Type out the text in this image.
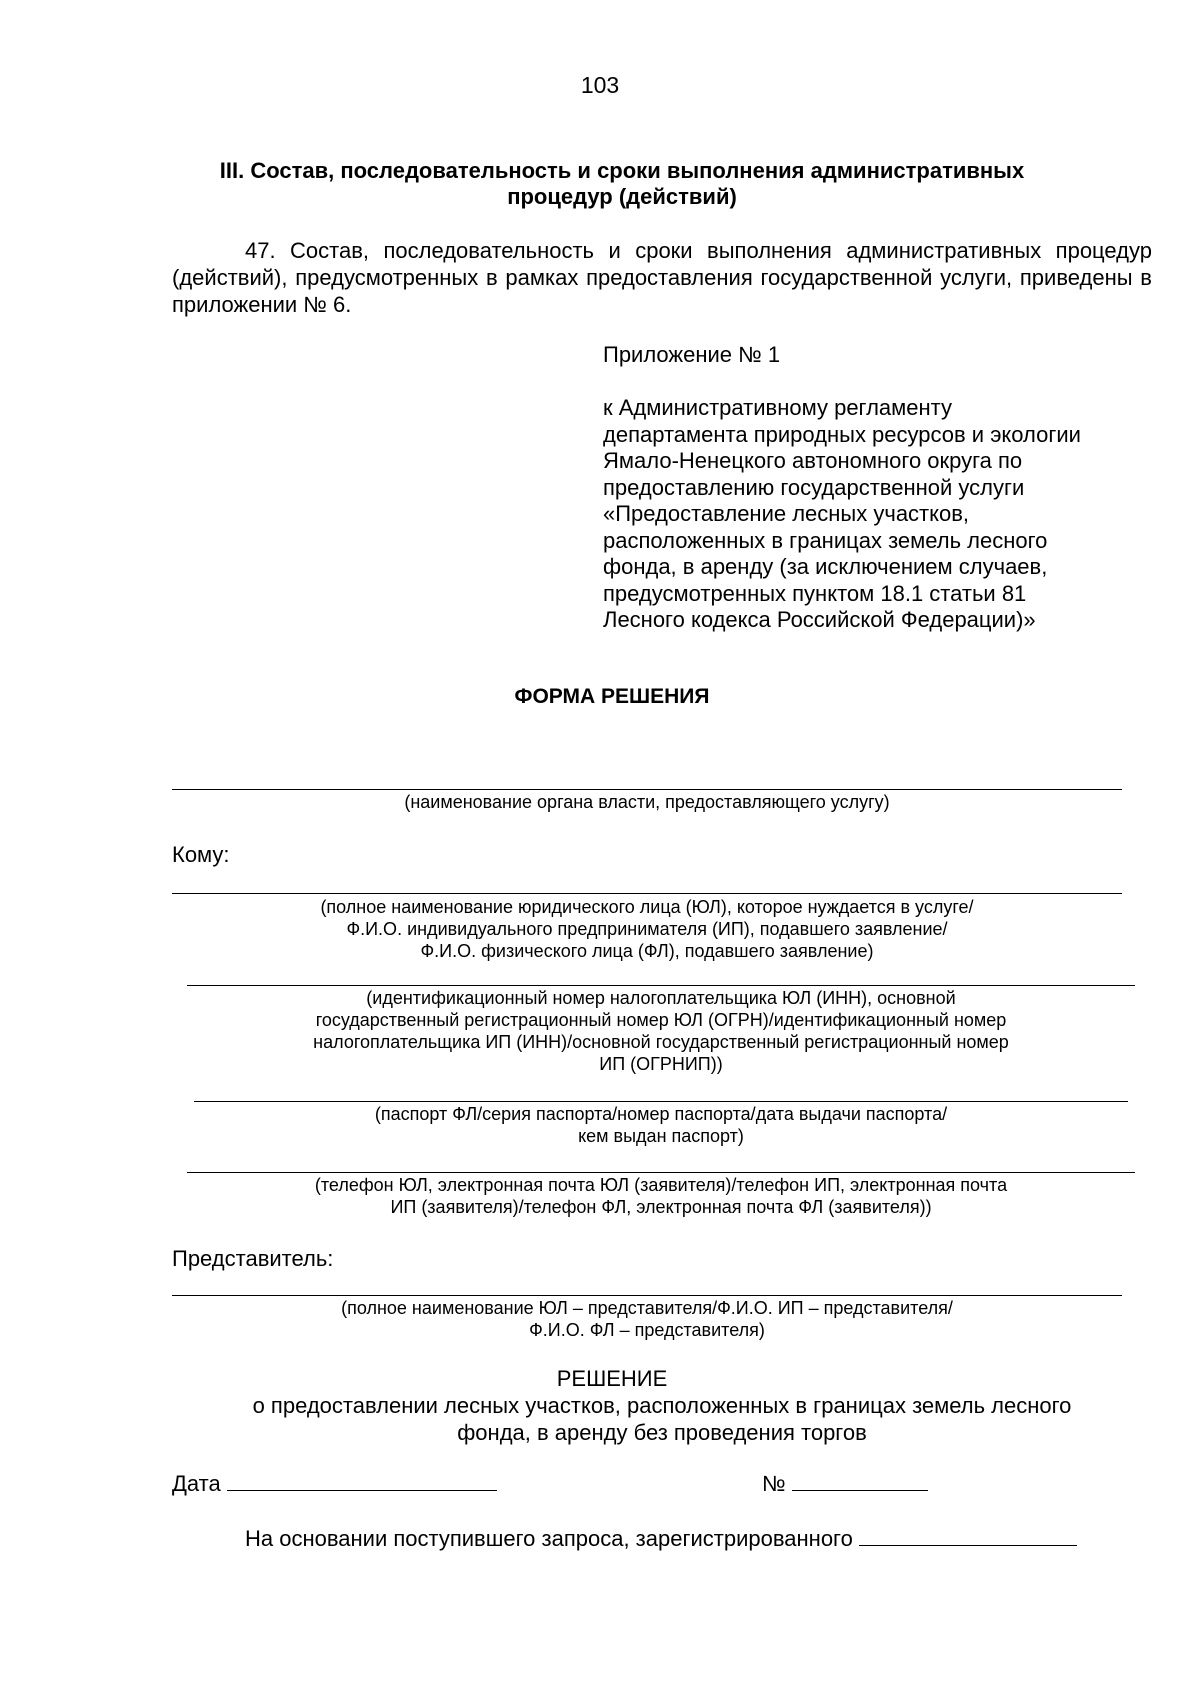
103
III. Состав, последовательность и сроки выполнения административных
процедур (действий)
47. Состав, последовательность и сроки выполнения административных процедур (действий), предусмотренных в рамках предоставления государственной услуги, приведены в приложении № 6.
Приложение № 1
к Административному регламенту
департамента природных ресурсов и экологии
Ямало-Ненецкого автономного округа по
предоставлению государственной услуги
«Предоставление лесных участков,
расположенных в границах земель лесного
фонда, в аренду (за исключением случаев,
предусмотренных пунктом 18.1 статьи 81
Лесного кодекса Российской Федерации)»
ФОРМА РЕШЕНИЯ
(наименование органа власти, предоставляющего услугу)
Кому:
(полное наименование юридического лица (ЮЛ), которое нуждается в услуге/
Ф.И.О. индивидуального предпринимателя (ИП), подавшего заявление/
Ф.И.О. физического лица (ФЛ), подавшего заявление)
(идентификационный номер налогоплательщика ЮЛ (ИНН), основной
государственный регистрационный номер ЮЛ (ОГРН)/идентификационный номер
налогоплательщика ИП (ИНН)/основной государственный регистрационный номер
ИП (ОГРНИП))
(паспорт ФЛ/серия паспорта/номер паспорта/дата выдачи паспорта/
кем выдан паспорт)
(телефон ЮЛ, электронная почта ЮЛ (заявителя)/телефон ИП, электронная почта
ИП (заявителя)/телефон ФЛ, электронная почта ФЛ (заявителя))
Представитель:
(полное наименование ЮЛ – представителя/Ф.И.О. ИП – представителя/
Ф.И.О. ФЛ – представителя)
РЕШЕНИЕ
о предоставлении лесных участков, расположенных в границах земель лесного
фонда, в аренду без проведения торгов
Дата	№
На основании поступившего запроса, зарегистрированного
